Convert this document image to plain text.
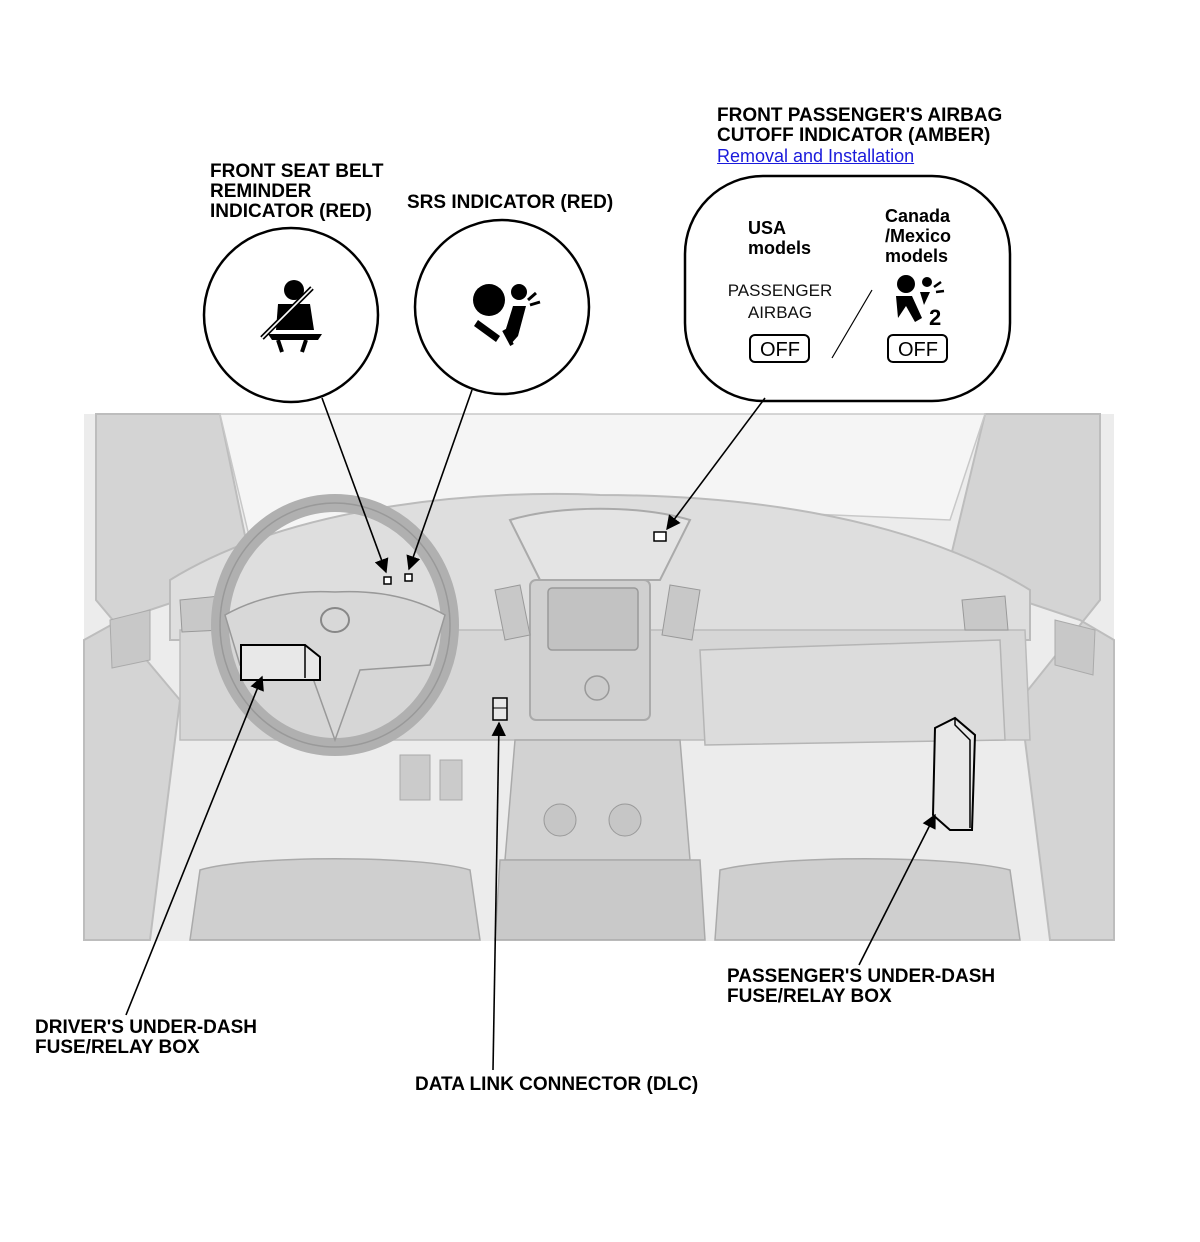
FRONT PASSENGER'S AIRBAG
CUTOFF INDICATOR (AMBER)
Removal and Installation
FRONT SEAT BELT
REMINDER
INDICATOR (RED)	SRS INDICATOR (RED)
DRIVER'S UNDER-DASH
FUSE/RELAY BOX
DATA LINK CONNECTOR (DLC)
PASSENGER'S UNDER-DASH
FUSE/RELAY BOX
USA
models
Canada
/Mexico
models
PASSENGER
AIRBAG
OFF
2
OFF
